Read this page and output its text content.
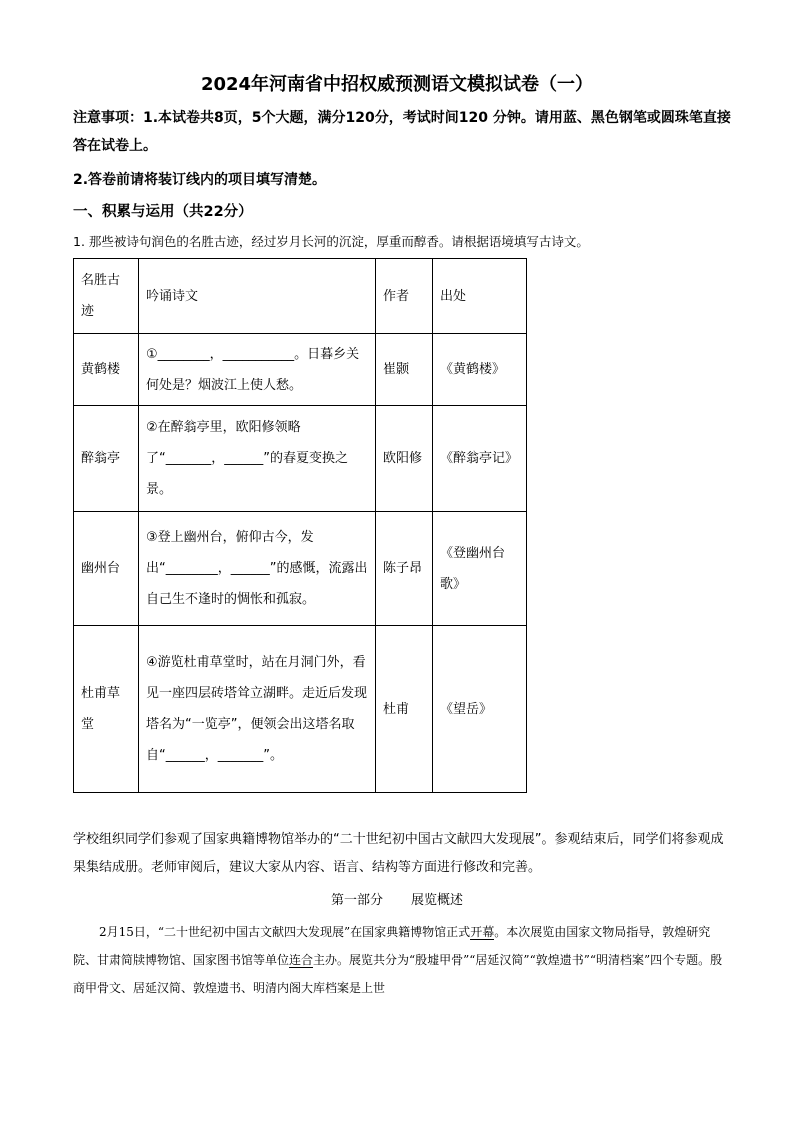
2024年河南省中招权威预测语文模拟试卷（一）
注意事项：1.本试卷共8页，5个大题，满分120分，考试时间120 分钟。请用蓝、黑色钢笔或圆珠笔直接答在试卷上。
2.答卷前请将装订线内的项目填写清楚。
一、积累与运用（共22分）
1. 那些被诗句润色的名胜古迹，经过岁月长河的沉淀，厚重而醇香。请根据语境填写古诗文。
名胜古迹	吟诵诗文	作者	出处
黄鹤楼	①________，___________。日暮乡关何处是？烟波江上使人愁。	崔颢	《黄鹤楼》
醉翁亭	②在醉翁亭里，欧阳修领略了“_______，______”的春夏变换之景。	欧阳修	《醉翁亭记》
幽州台	③登上幽州台，俯仰古今，发出“________，______”的感慨，流露出自己生不逢时的惆怅和孤寂。	陈子昂	《登幽州台歌》
杜甫草堂	④游览杜甫草堂时，站在月洞门外，看见一座四层砖塔耸立湖畔。走近后发现塔名为“一览亭”，便领会出这塔名取自“______，_______”。	杜甫	《望岳》
学校组织同学们参观了国家典籍博物馆举办的“二十世纪初中国古文献四大发现展”。参观结束后，同学们将参观成果集结成册。老师审阅后，建议大家从内容、语言、结构等方面进行修改和完善。
第一部分 展览概述
2月15日，“二十世纪初中国古文献四大发现展”在国家典籍博物馆正式开幕。本次展览由国家文物局指导，敦煌研究院、甘肃简牍博物馆、国家图书馆等单位连合主办。展览共分为“殷墟甲骨”“居延汉简”“敦煌遗书”“明清档案”四个专题。殷商甲骨文、居延汉简、敦煌遗书、明清内阁大库档案是上世
